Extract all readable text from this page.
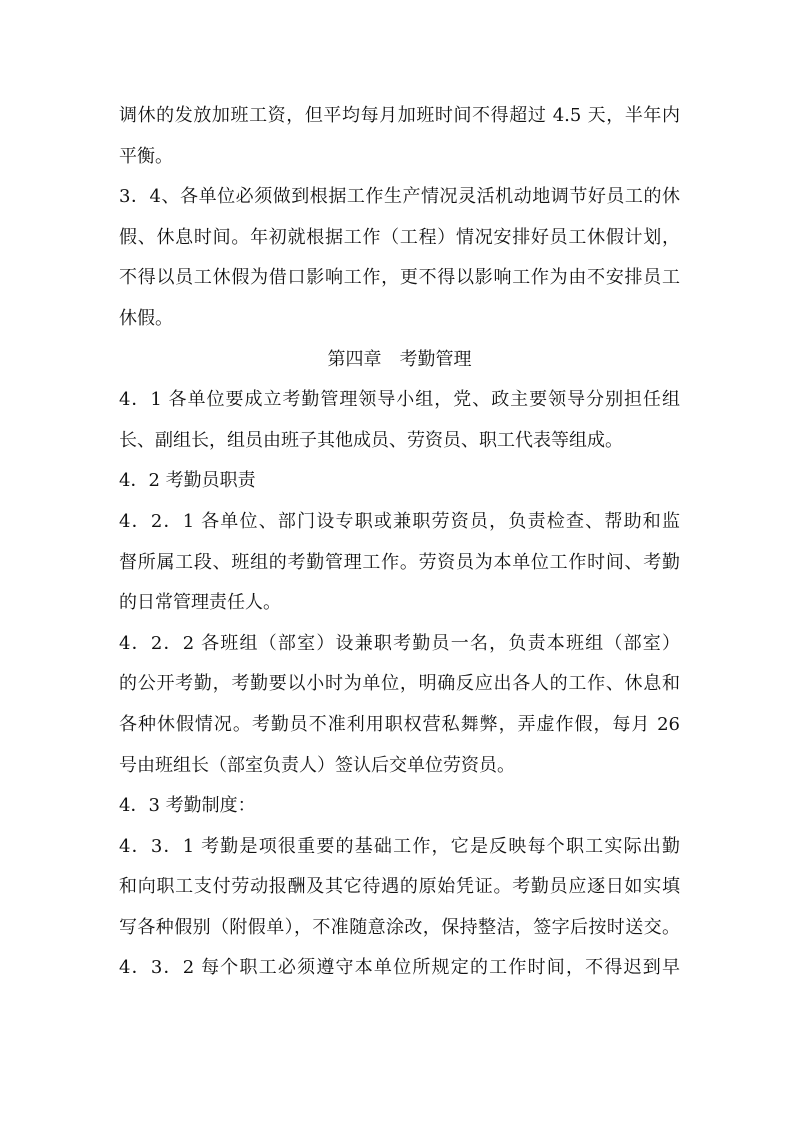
调休的发放加班工资，但平均每月加班时间不得超过 4.5 天，半年内
平衡。
3．4、各单位必须做到根据工作生产情况灵活机动地调节好员工的休
假、休息时间。年初就根据工作（工程）情况安排好员工休假计划，
不得以员工休假为借口影响工作，更不得以影响工作为由不安排员工
休假。
第四章　考勤管理
4．1 各单位要成立考勤管理领导小组，党、政主要领导分别担任组
长、副组长，组员由班子其他成员、劳资员、职工代表等组成。
4．2 考勤员职责
4．2．1 各单位、部门设专职或兼职劳资员，负责检查、帮助和监
督所属工段、班组的考勤管理工作。劳资员为本单位工作时间、考勤
的日常管理责任人。
4．2．2 各班组（部室）设兼职考勤员一名，负责本班组（部室）
的公开考勤，考勤要以小时为单位，明确反应出各人的工作、休息和
各种休假情况。考勤员不准利用职权营私舞弊，弄虚作假，每月 26
号由班组长（部室负责人）签认后交单位劳资员。
4．3 考勤制度：
4．3．1 考勤是项很重要的基础工作，它是反映每个职工实际出勤
和向职工支付劳动报酬及其它待遇的原始凭证。考勤员应逐日如实填
写各种假别（附假单），不准随意涂改，保持整洁，签字后按时送交。
4．3．2 每个职工必须遵守本单位所规定的工作时间，不得迟到早
